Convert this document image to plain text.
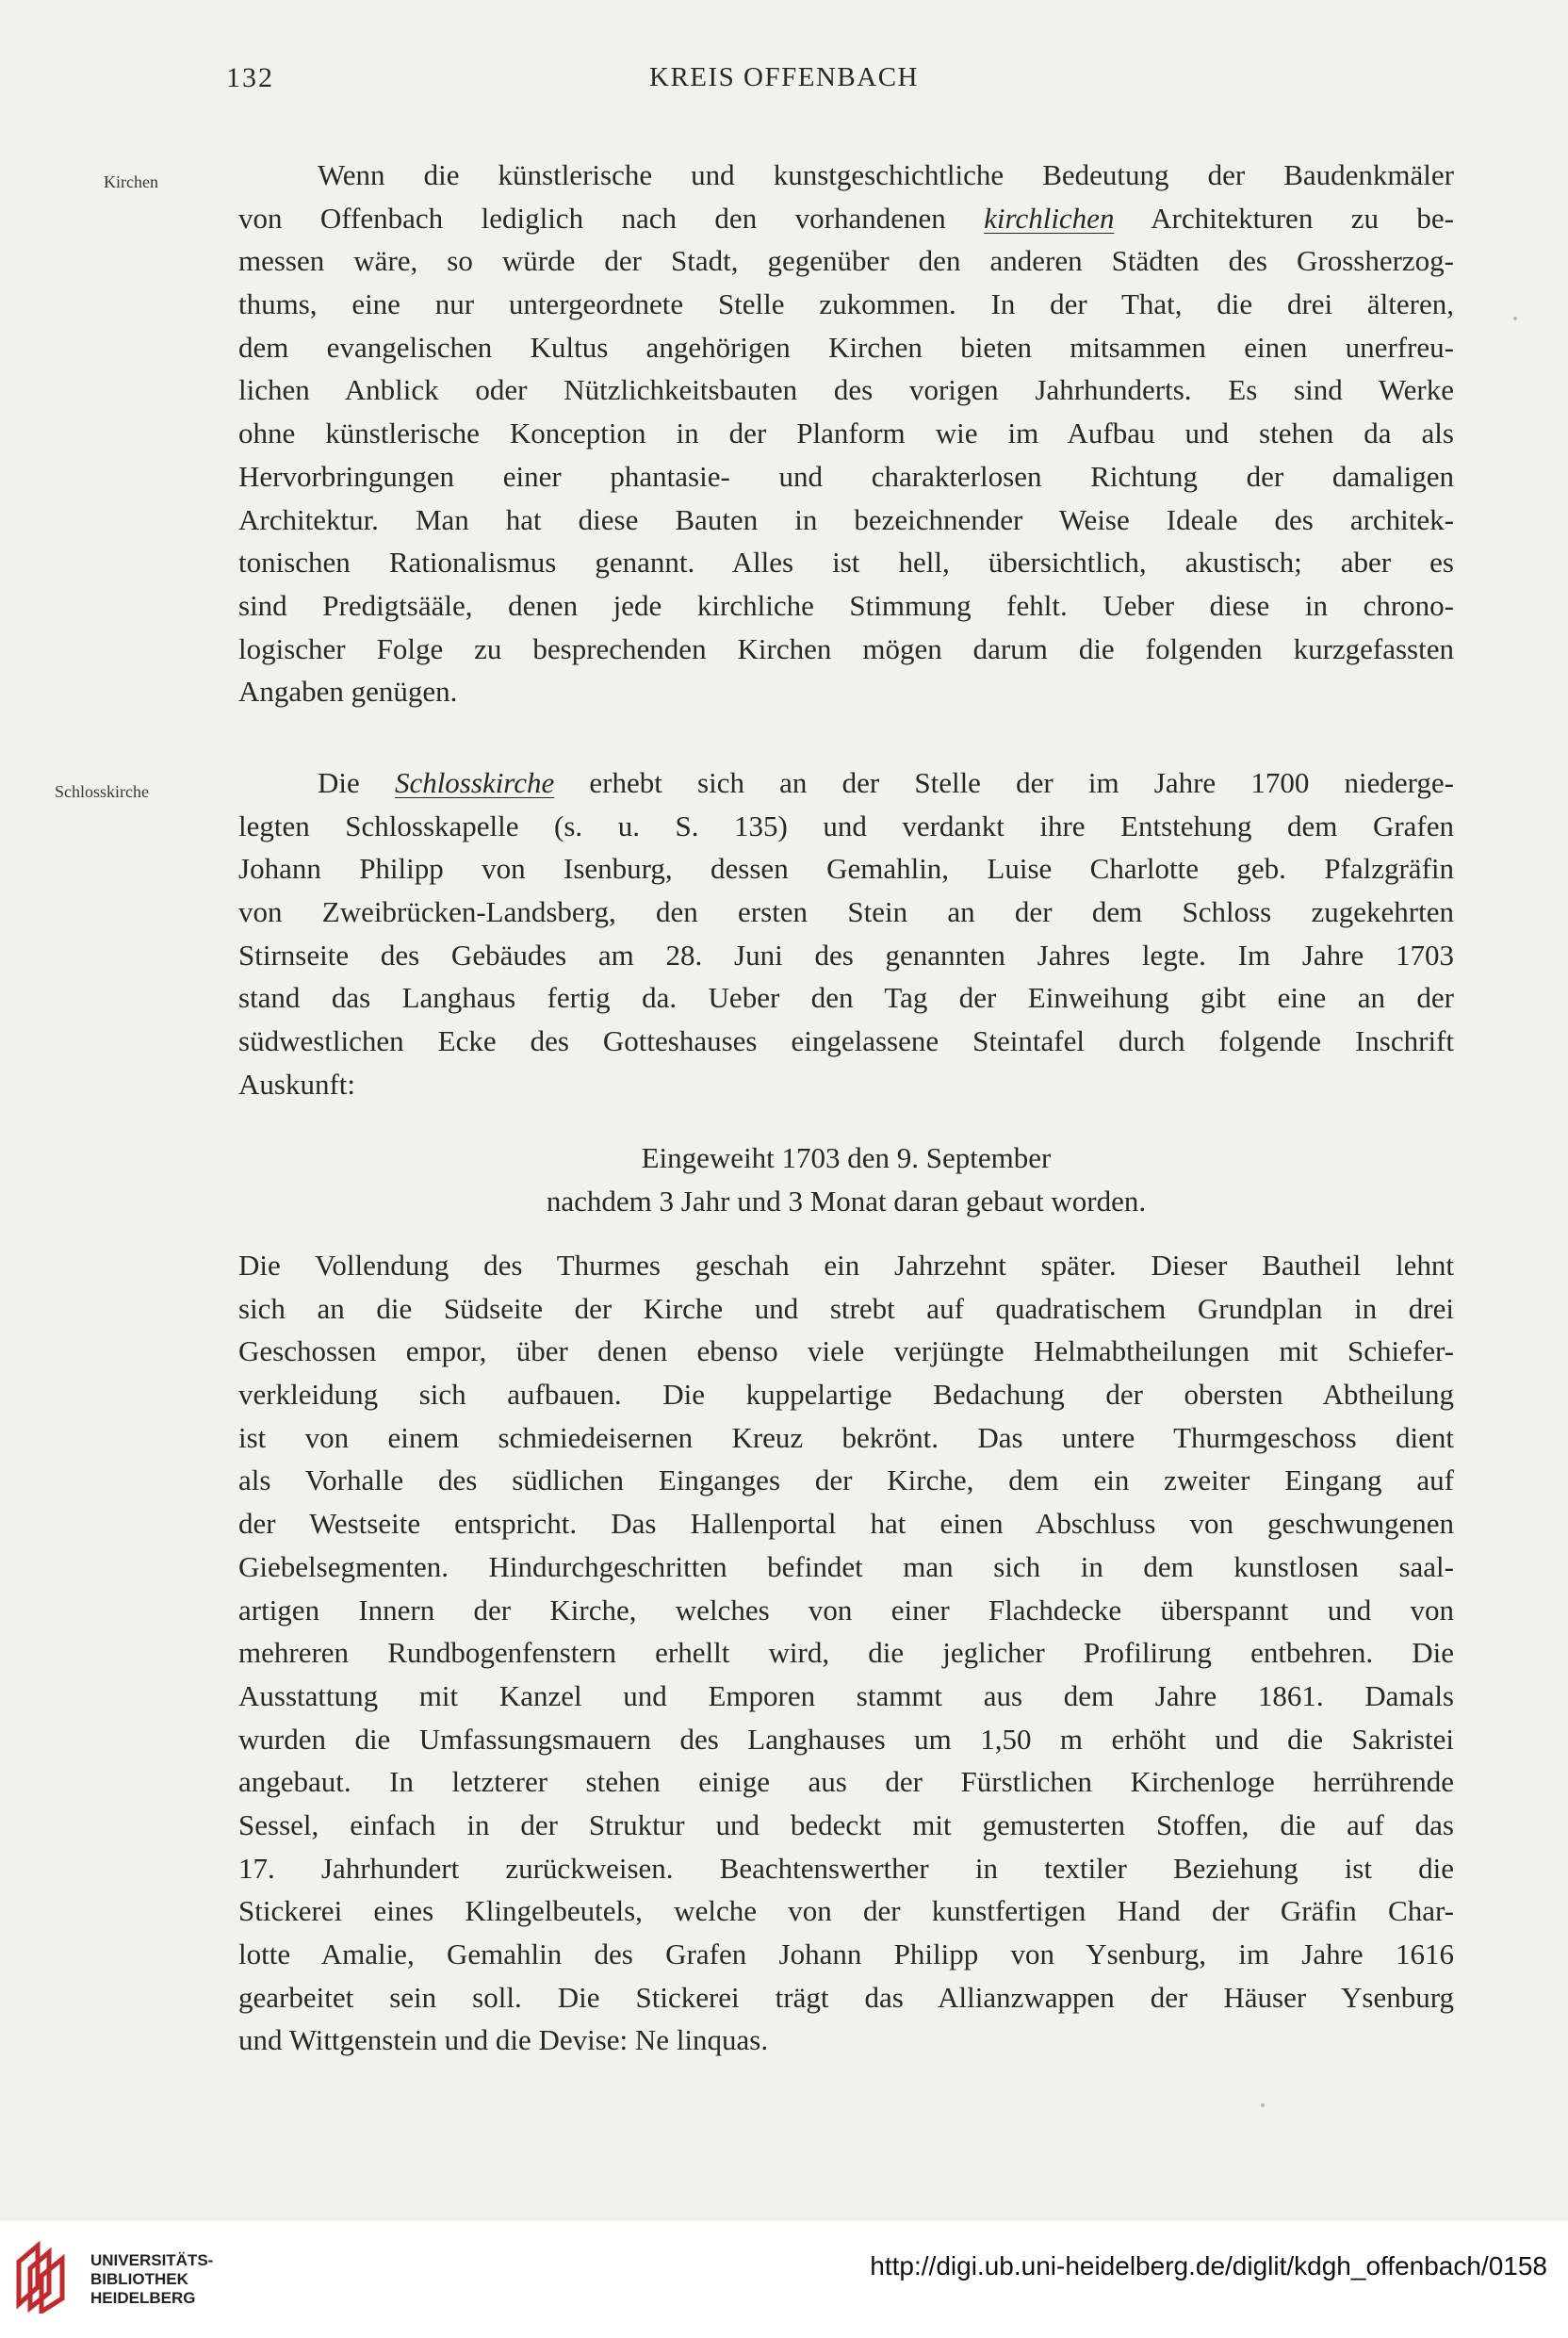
132	KREIS OFFENBACH
Kirchen
Schlosskirche
Wenn die künstlerische und kunstgeschichtliche Bedeutung der Baudenkmäler
von Offenbach lediglich nach den vorhandenen kirchlichen Architekturen zu be-
messen wäre, so würde der Stadt, gegenüber den anderen Städten des Grossherzog-
thums, eine nur untergeordnete Stelle zukommen. In der That, die drei älteren,
dem evangelischen Kultus angehörigen Kirchen bieten mitsammen einen unerfreu-
lichen Anblick oder Nützlichkeitsbauten des vorigen Jahrhunderts. Es sind Werke
ohne künstlerische Konception in der Planform wie im Aufbau und stehen da als
Hervorbringungen einer phantasie- und charakterlosen Richtung der damaligen
Architektur. Man hat diese Bauten in bezeichnender Weise Ideale des architek-
tonischen Rationalismus genannt. Alles ist hell, übersichtlich, akustisch; aber es
sind Predigtsääle, denen jede kirchliche Stimmung fehlt. Ueber diese in chrono-
logischer Folge zu besprechenden Kirchen mögen darum die folgenden kurzgefassten
Angaben genügen.
Die Schlosskirche erhebt sich an der Stelle der im Jahre 1700 niederge-
legten Schlosskapelle (s. u. S. 135) und verdankt ihre Entstehung dem Grafen
Johann Philipp von Isenburg, dessen Gemahlin, Luise Charlotte geb. Pfalzgräfin
von Zweibrücken-Landsberg, den ersten Stein an der dem Schloss zugekehrten
Stirnseite des Gebäudes am 28. Juni des genannten Jahres legte. Im Jahre 1703
stand das Langhaus fertig da. Ueber den Tag der Einweihung gibt eine an der
südwestlichen Ecke des Gotteshauses eingelassene Steintafel durch folgende Inschrift
Auskunft:
Eingeweiht 1703 den 9. September
nachdem 3 Jahr und 3 Monat daran gebaut worden.
Die Vollendung des Thurmes geschah ein Jahrzehnt später. Dieser Bautheil lehnt
sich an die Südseite der Kirche und strebt auf quadratischem Grundplan in drei
Geschossen empor, über denen ebenso viele verjüngte Helmabtheilungen mit Schiefer-
verkleidung sich aufbauen. Die kuppelartige Bedachung der obersten Abtheilung
ist von einem schmiedeisernen Kreuz bekrönt. Das untere Thurmgeschoss dient
als Vorhalle des südlichen Einganges der Kirche, dem ein zweiter Eingang auf
der Westseite entspricht. Das Hallenportal hat einen Abschluss von geschwungenen
Giebelsegmenten. Hindurchgeschritten befindet man sich in dem kunstlosen saal-
artigen Innern der Kirche, welches von einer Flachdecke überspannt und von
mehreren Rundbogenfenstern erhellt wird, die jeglicher Profilirung entbehren. Die
Ausstattung mit Kanzel und Emporen stammt aus dem Jahre 1861. Damals
wurden die Umfassungsmauern des Langhauses um 1,50 m erhöht und die Sakristei
angebaut. In letzterer stehen einige aus der Fürstlichen Kirchenloge herrührende
Sessel, einfach in der Struktur und bedeckt mit gemusterten Stoffen, die auf das
17. Jahrhundert zurückweisen. Beachtenswerther in textiler Beziehung ist die
Stickerei eines Klingelbeutels, welche von der kunstfertigen Hand der Gräfin Char-
lotte Amalie, Gemahlin des Grafen Johann Philipp von Ysenburg, im Jahre 1616
gearbeitet sein soll. Die Stickerei trägt das Allianzwappen der Häuser Ysenburg
und Wittgenstein und die Devise: Ne linquas.
UNIVERSITÄTS-
BIBLIOTHEK
HEIDELBERG
http://digi.ub.uni-heidelberg.de/diglit/kdgh_offenbach/0158
